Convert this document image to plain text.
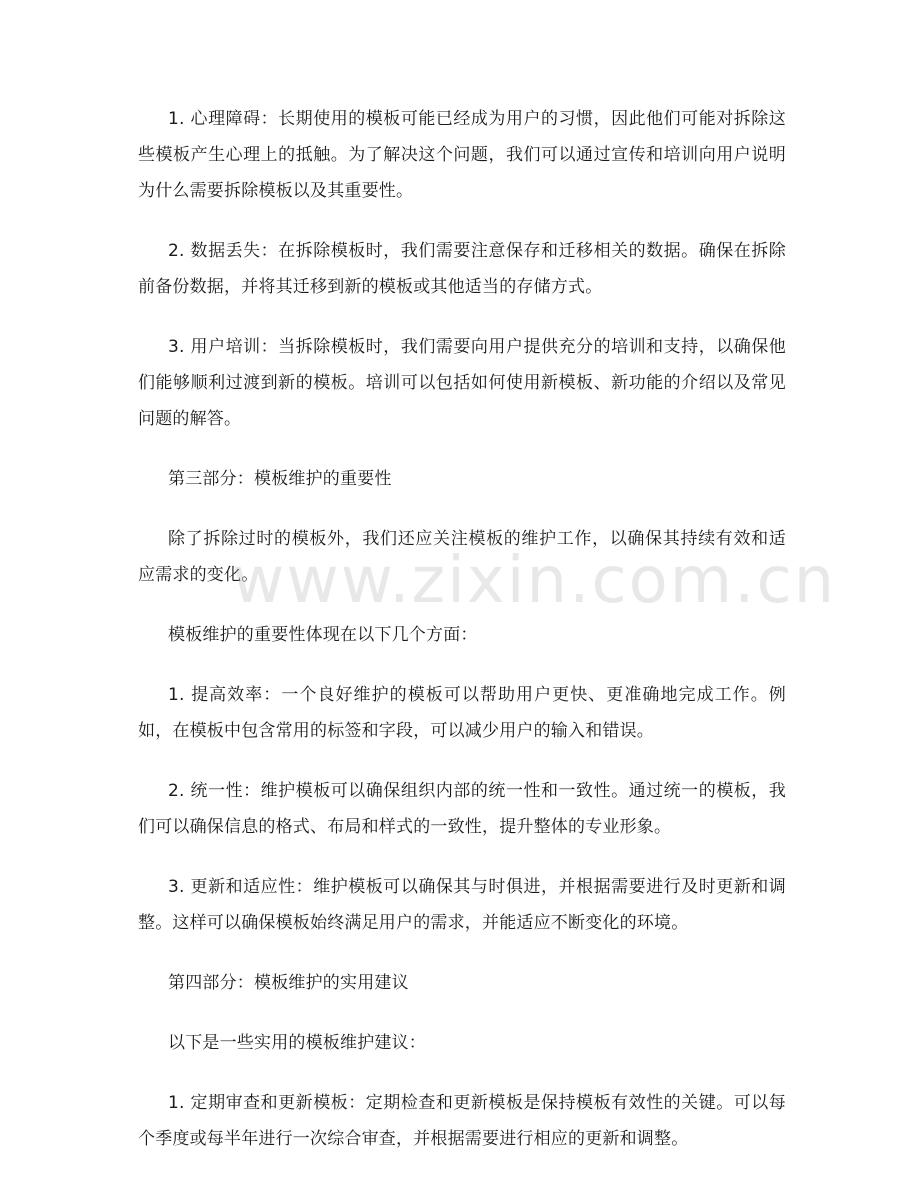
1. 心理障碍：长期使用的模板可能已经成为用户的习惯，因此他们可能对拆除这些模板产生心理上的抵触。为了解决这个问题，我们可以通过宣传和培训向用户说明为什么需要拆除模板以及其重要性。

2. 数据丢失：在拆除模板时，我们需要注意保存和迁移相关的数据。确保在拆除前备份数据，并将其迁移到新的模板或其他适当的存储方式。

3. 用户培训：当拆除模板时，我们需要向用户提供充分的培训和支持，以确保他们能够顺利过渡到新的模板。培训可以包括如何使用新模板、新功能的介绍以及常见问题的解答。

第三部分：模板维护的重要性

除了拆除过时的模板外，我们还应关注模板的维护工作，以确保其持续有效和适应需求的变化。

模板维护的重要性体现在以下几个方面：

1. 提高效率：一个良好维护的模板可以帮助用户更快、更准确地完成工作。例如，在模板中包含常用的标签和字段，可以减少用户的输入和错误。

2. 统一性：维护模板可以确保组织内部的统一性和一致性。通过统一的模板，我们可以确保信息的格式、布局和样式的一致性，提升整体的专业形象。

3. 更新和适应性：维护模板可以确保其与时俱进，并根据需要进行及时更新和调整。这样可以确保模板始终满足用户的需求，并能适应不断变化的环境。

第四部分：模板维护的实用建议

以下是一些实用的模板维护建议：

1. 定期审查和更新模板：定期检查和更新模板是保持模板有效性的关键。可以每个季度或每半年进行一次综合审查，并根据需要进行相应的更新和调整。

www.zixin.com.cn
